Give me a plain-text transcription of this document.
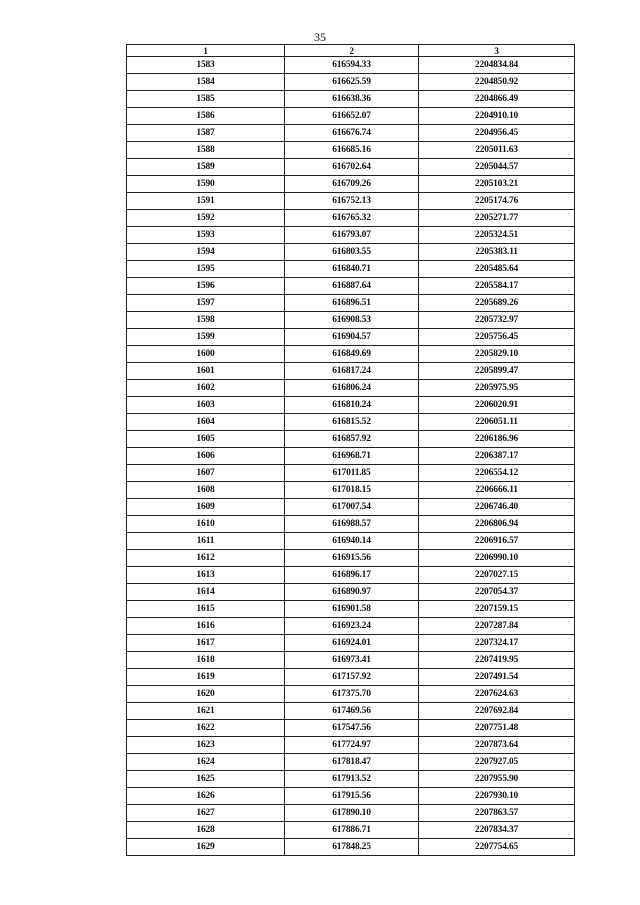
35
1	2	3
1583	616594.33	2204834.84
1584	616625.59	2204850.92
1585	616638.36	2204866.49
1586	616652.07	2204910.10
1587	616676.74	2204956.45
1588	616685.16	2205011.63
1589	616702.64	2205044.57
1590	616709.26	2205103.21
1591	616752.13	2205174.76
1592	616765.32	2205271.77
1593	616793.07	2205324.51
1594	616803.55	2205383.11
1595	616840.71	2205485.64
1596	616887.64	2205584.17
1597	616896.51	2205689.26
1598	616908.53	2205732.97
1599	616904.57	2205756.45
1600	616849.69	2205829.10
1601	616817.24	2205899.47
1602	616806.24	2205975.95
1603	616810.24	2206020.91
1604	616815.52	2206051.11
1605	616857.92	2206186.96
1606	616968.71	2206387.17
1607	617011.85	2206554.12
1608	617018.15	2206666.11
1609	617007.54	2206746.40
1610	616988.57	2206806.94
1611	616940.14	2206916.57
1612	616915.56	2206990.10
1613	616896.17	2207027.15
1614	616890.97	2207054.37
1615	616901.58	2207159.15
1616	616923.24	2207287.84
1617	616924.01	2207324.17
1618	616973.41	2207419.95
1619	617157.92	2207491.54
1620	617375.70	2207624.63
1621	617469.56	2207692.84
1622	617547.56	2207751.48
1623	617724.97	2207873.64
1624	617818.47	2207927.05
1625	617913.52	2207955.90
1626	617915.56	2207930.10
1627	617890.10	2207863.57
1628	617886.71	2207834.37
1629	617848.25	2207754.65
